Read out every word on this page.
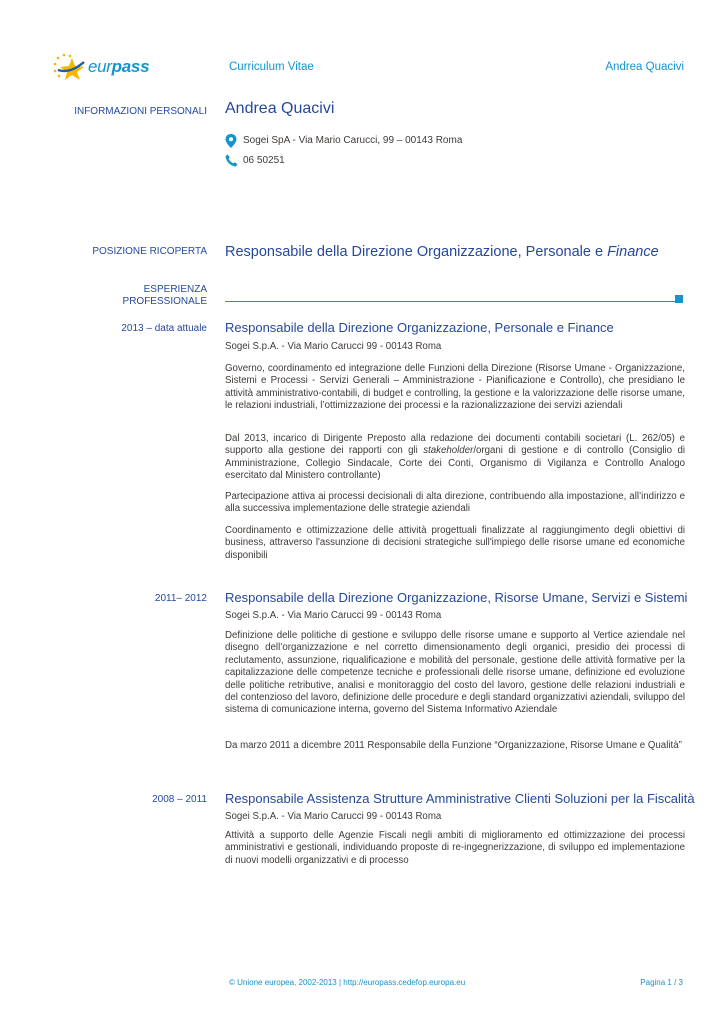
eurpass	Curriculum Vitae	Andrea Quacivi
INFORMAZIONI PERSONALI Andrea Quacivi
Sogei SpA - Via Mario Carucci, 99 – 00143 Roma
06 50251
POSIZIONE RICOPERTA Responsabile della Direzione Organizzazione, Personale e Finance
ESPERIENZA
PROFESSIONALE
2013 – data attuale Responsabile della Direzione Organizzazione, Personale e Finance
Sogei S.p.A. - Via Mario Carucci 99 - 00143 Roma
Governo, coordinamento ed integrazione delle Funzioni della Direzione (Risorse Umane - Organizzazione, Sistemi e Processi - Servizi Generali – Amministrazione - Pianificazione e Controllo), che presidiano le attività amministrativo-contabili, di budget e controlling, la gestione e la valorizzazione delle risorse umane, le relazioni industriali, l’ottimizzazione dei processi e la razionalizzazione dei servizi aziendali
Dal 2013, incarico di Dirigente Preposto alla redazione dei documenti contabili societari (L. 262/05) e supporto alla gestione dei rapporti con gli stakeholder/organi di gestione e di controllo (Consiglio di Amministrazione, Collegio Sindacale, Corte dei Conti, Organismo di Vigilanza e Controllo Analogo esercitato dal Ministero controllante)
Partecipazione attiva ai processi decisionali di alta direzione, contribuendo alla impostazione, all’indirizzo e alla successiva implementazione delle strategie aziendali
Coordinamento e ottimizzazione delle attività progettuali finalizzate al raggiungimento degli obiettivi di business, attraverso l'assunzione di decisioni strategiche sull'impiego delle risorse umane ed economiche disponibili
2011– 2012 Responsabile della Direzione Organizzazione, Risorse Umane, Servizi e Sistemi
Sogei S.p.A. - Via Mario Carucci 99 - 00143 Roma
Definizione delle politiche di gestione e sviluppo delle risorse umane e supporto al Vertice aziendale nel disegno dell’organizzazione e nel corretto dimensionamento degli organici, presidio dei processi di reclutamento, assunzione, riqualificazione e mobilità del personale, gestione delle attività formative per la capitalizzazione delle competenze tecniche e professionali delle risorse umane, definizione ed evoluzione delle politiche retributive, analisi e monitoraggio del costo del lavoro, gestione delle relazioni industriali e del contenzioso del lavoro, definizione delle procedure e degli standard organizzativi aziendali, sviluppo del sistema di comunicazione interna, governo del Sistema Informativo Aziendale
Da marzo 2011 a dicembre 2011 Responsabile della Funzione “Organizzazione, Risorse Umane e Qualità”
2008 – 2011 Responsabile Assistenza Strutture Amministrative Clienti Soluzioni per la Fiscalità
Sogei S.p.A. - Via Mario Carucci 99 - 00143 Roma
Attività a supporto delle Agenzie Fiscali negli ambiti di miglioramento ed ottimizzazione dei processi amministrativi e gestionali, individuando proposte di re-ingegnerizzazione, di sviluppo ed implementazione di nuovi modelli organizzativi e di processo
© Unione europea, 2002-2013 | http://europass.cedefop.europa.eu	Pagina 1 / 3
